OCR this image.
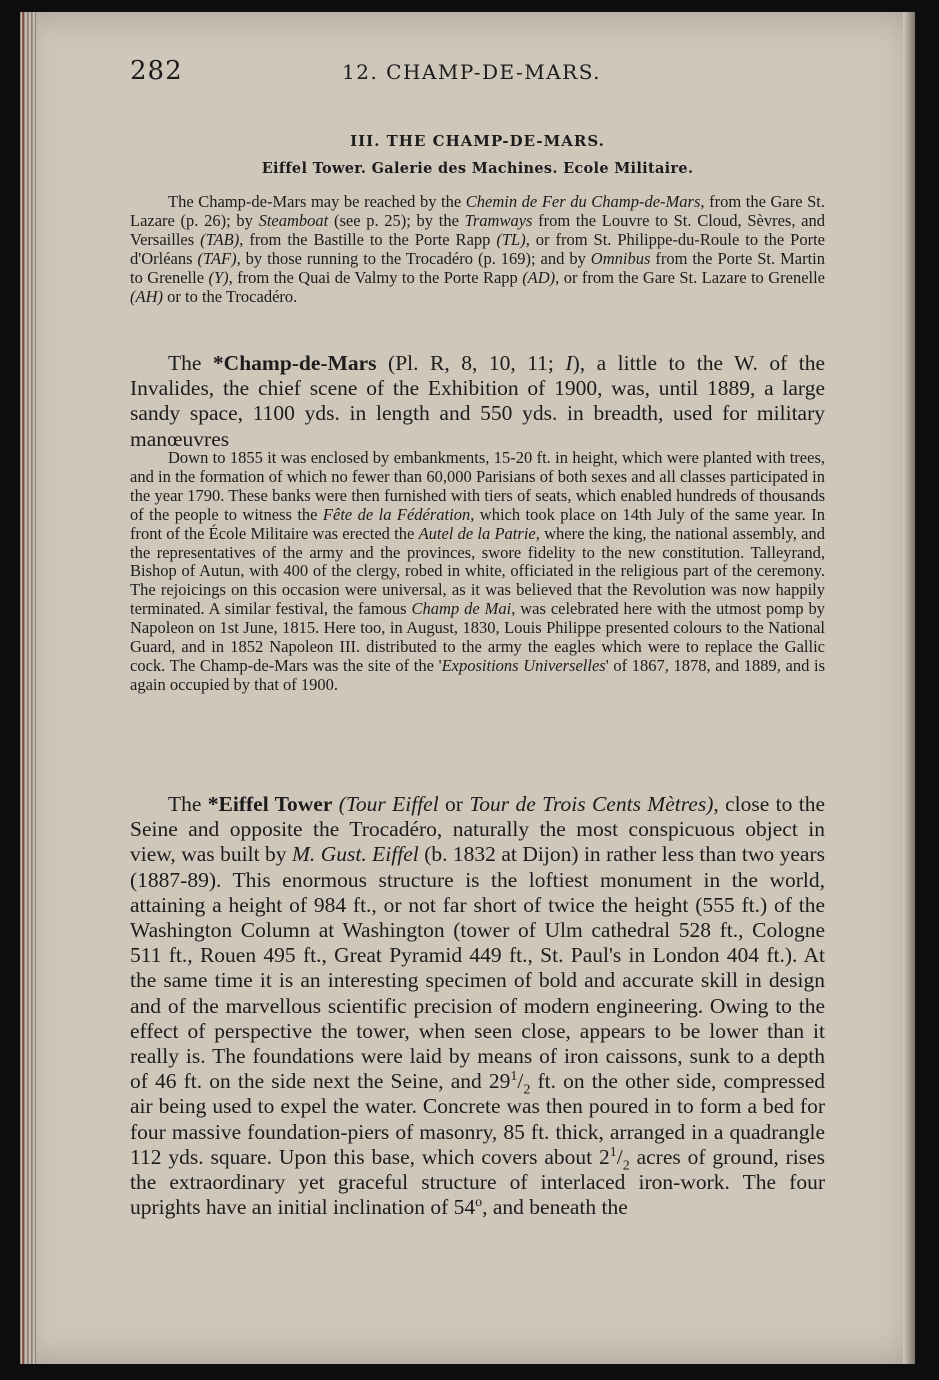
282	12. CHAMP-DE-MARS.
III. THE CHAMP-DE-MARS.
Eiffel Tower. Galerie des Machines. Ecole Militaire.

The Champ-de-Mars may be reached by the Chemin de Fer du Champ-de-Mars, from the Gare St. Lazare (p. 26); by Steamboat (see p. 25); by the Tramways from the Louvre to St. Cloud, Sèvres, and Versailles (TAB), from the Bastille to the Porte Rapp (TL), or from St. Philippe-du-Roule to the Porte d'Orléans (TAF), by those running to the Trocadéro (p. 169); and by Omnibus from the Porte St. Martin to Grenelle (Y), from the Quai de Valmy to the Porte Rapp (AD), or from the Gare St. Lazare to Grenelle (AH) or to the Trocadéro.

The *Champ-de-Mars (Pl. R, 8, 10, 11; I), a little to the W. of the Invalides, the chief scene of the Exhibition of 1900, was, until 1889, a large sandy space, 1100 yds. in length and 550 yds. in breadth, used for military manœuvres

Down to 1855 it was enclosed by embankments, 15-20 ft. in height, which were planted with trees, and in the formation of which no fewer than 60,000 Parisians of both sexes and all classes participated in the year 1790. These banks were then furnished with tiers of seats, which enabled hundreds of thousands of the people to witness the Fête de la Fédération, which took place on 14th July of the same year. In front of the École Militaire was erected the Autel de la Patrie, where the king, the national assembly, and the representatives of the army and the provinces, swore fidelity to the new constitution. Talleyrand, Bishop of Autun, with 400 of the clergy, robed in white, officiated in the religious part of the ceremony. The rejoicings on this occasion were universal, as it was believed that the Revolution was now happily terminated. A similar festival, the famous Champ de Mai, was celebrated here with the utmost pomp by Napoleon on 1st June, 1815. Here too, in August, 1830, Louis Philippe presented colours to the National Guard, and in 1852 Napoleon III. distributed to the army the eagles which were to replace the Gallic cock. The Champ-de-Mars was the site of the 'Expositions Universelles' of 1867, 1878, and 1889, and is again occupied by that of 1900.

The *Eiffel Tower (Tour Eiffel or Tour de Trois Cents Mètres), close to the Seine and opposite the Trocadéro, naturally the most conspicuous object in view, was built by M. Gust. Eiffel (b. 1832 at Dijon) in rather less than two years (1887-89). This enormous structure is the loftiest monument in the world, attaining a height of 984 ft., or not far short of twice the height (555 ft.) of the Washington Column at Washington (tower of Ulm cathedral 528 ft., Cologne 511 ft., Rouen 495 ft., Great Pyramid 449 ft., St. Paul's in London 404 ft.). At the same time it is an interesting specimen of bold and accurate skill in design and of the marvellous scientific precision of modern engineering. Owing to the effect of perspective the tower, when seen close, appears to be lower than it really is. The foundations were laid by means of iron caissons, sunk to a depth of 46 ft. on the side next the Seine, and $29^1/_2$ ft. on the other side, compressed air being used to expel the water. Concrete was then poured in to form a bed for four massive foundation-piers of masonry, 85 ft. thick, arranged in a quadrangle 112 yds. square. Upon this base, which covers about $2^1/_2$ acres of ground, rises the extraordinary yet graceful structure of interlaced iron-work. The four uprights have an initial inclination of 54$^o$, and beneath the
